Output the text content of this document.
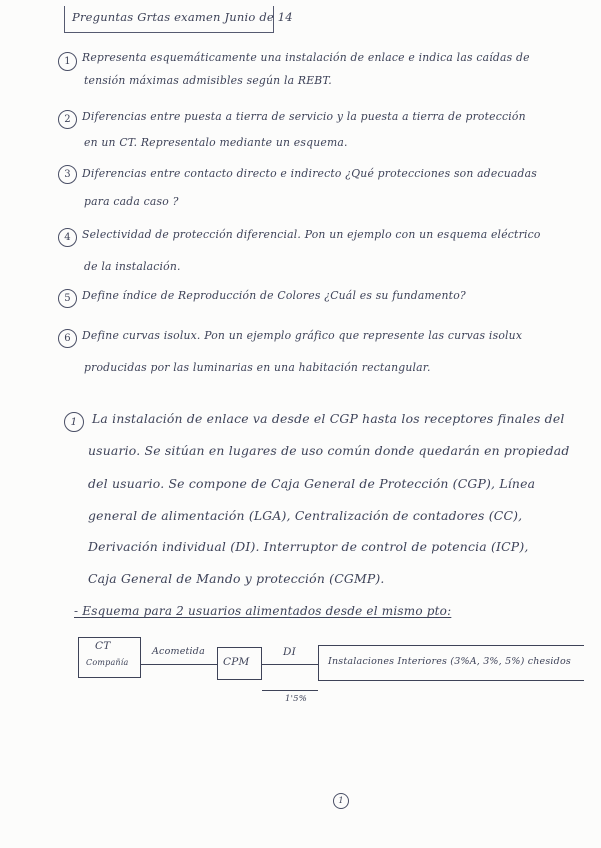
Preguntas Grtas examen Junio de 14
1	Representa esquemáticamente una instalación de enlace e indica las caídas de
tensión máximas admisibles según la REBT.
2	Diferencias entre puesta a tierra de servicio y la puesta a tierra de protección
en un CT. Representalo mediante un esquema.
3	Diferencias entre contacto directo e indirecto ¿Qué protecciones son adecuadas
para cada caso ?
4	Selectividad de protección diferencial. Pon un ejemplo con un esquema eléctrico
de la instalación.
5	Define índice de Reproducción de Colores ¿Cuál es su fundamento?
6	Define curvas isolux. Pon un ejemplo gráfico que represente las curvas isolux
producidas por las luminarias en una habitación rectangular.
1	La instalación de enlace va desde el CGP hasta los receptores finales del
usuario. Se sitúan en lugares de uso común donde quedarán en propiedad
del usuario. Se compone de Caja General de Protección (CGP), Línea
general de alimentación (LGA), Centralización de contadores (CC),
Derivación individual (DI). Interruptor de control de potencia (ICP),
Caja General de Mando y protección (CGMP).
- Esquema para 2 usuarios alimentados desde el mismo pto:
CT
Compañía
Acometida
CPM
DI
Instalaciones Interiores (3%A, 3%, 5%) chesidos
1'5%
1
